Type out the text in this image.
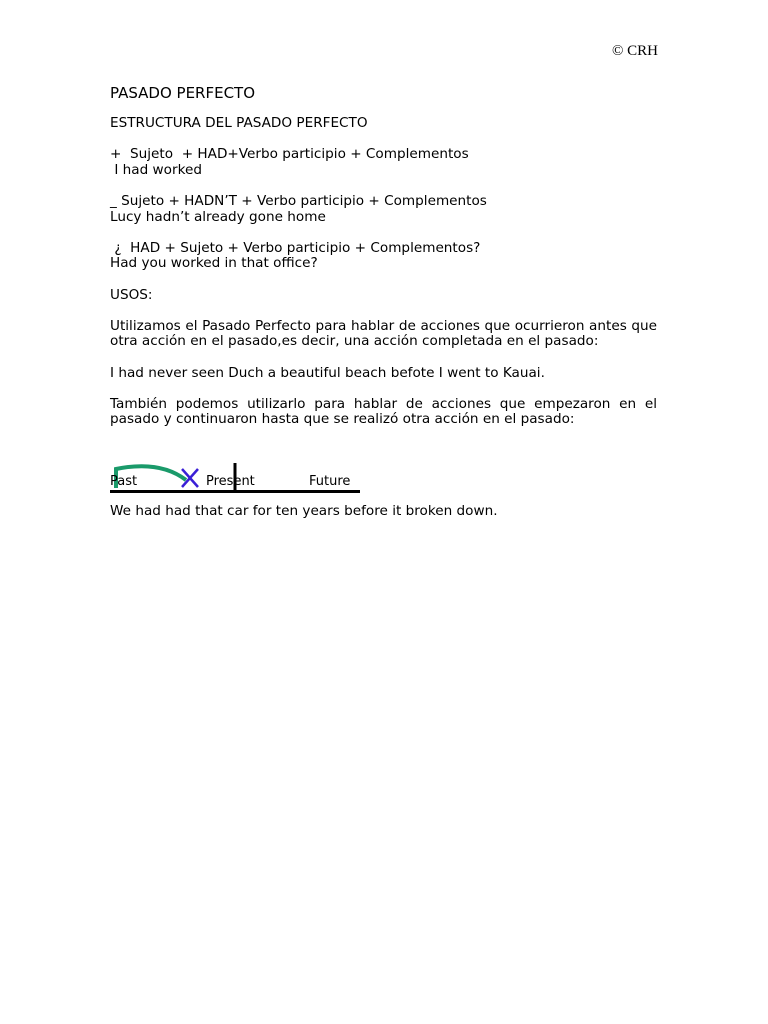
© CRH
PASADO PERFECTO
ESTRUCTURA DEL PASADO PERFECTO
+  Sujeto  + HAD+Verbo participio + Complementos
I had worked
_ Sujeto + HADN’T + Verbo participio + Complementos
Lucy hadn’t already gone home
¿  HAD + Sujeto + Verbo participio + Complementos?
Had you worked in that office?
USOS:
Utilizamos el Pasado Perfecto para hablar de acciones que ocurrieron antes que otra acción en el pasado,es decir, una acción completada en el pasado:
I had never seen Duch a beautiful beach befote I went to Kauai.
También podemos utilizarlo para hablar de acciones que empezaron en el pasado y continuaron hasta que se realizó otra acción en el pasado:
Past	Present	Future
We had had that car for ten years before it broken down.
